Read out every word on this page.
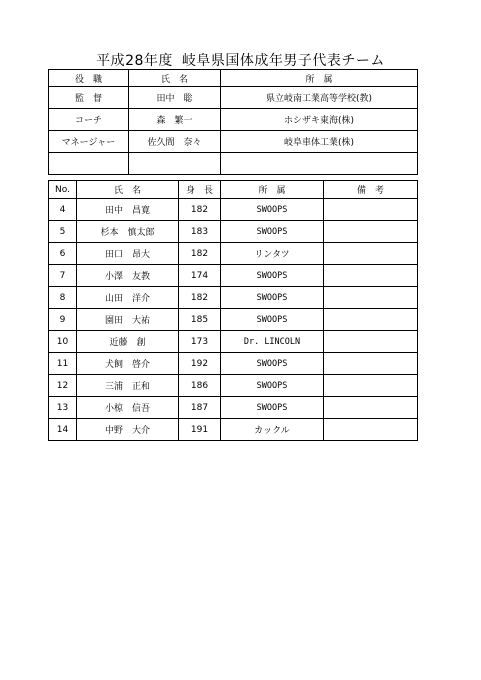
平成28年度 岐阜県国体成年男子代表チーム
役　職	氏　名	所　属
監　督	田中　聡	県立岐南工業高等学校(教)
コーチ	森　繁一	ホシザキ東海(株)
マネージャー	佐久間　奈々	岐阜車体工業(株)

No.	氏　名	身　長	所　属	備　考
4	田中　昌寛	182	SWOOPS	
5	杉本　慎太郎	183	SWOOPS	
6	田口　昂大	182	リンタツ	
7	小澤　友教	174	SWOOPS	
8	山田　洋介	182	SWOOPS	
9	園田　大祐	185	SWOOPS	
10	近藤　創	173	Dr. LINCOLN	
11	犬飼　啓介	192	SWOOPS	
12	三浦　正和	186	SWOOPS	
13	小椋　信吾	187	SWOOPS	
14	中野　大介	191	カックル	
